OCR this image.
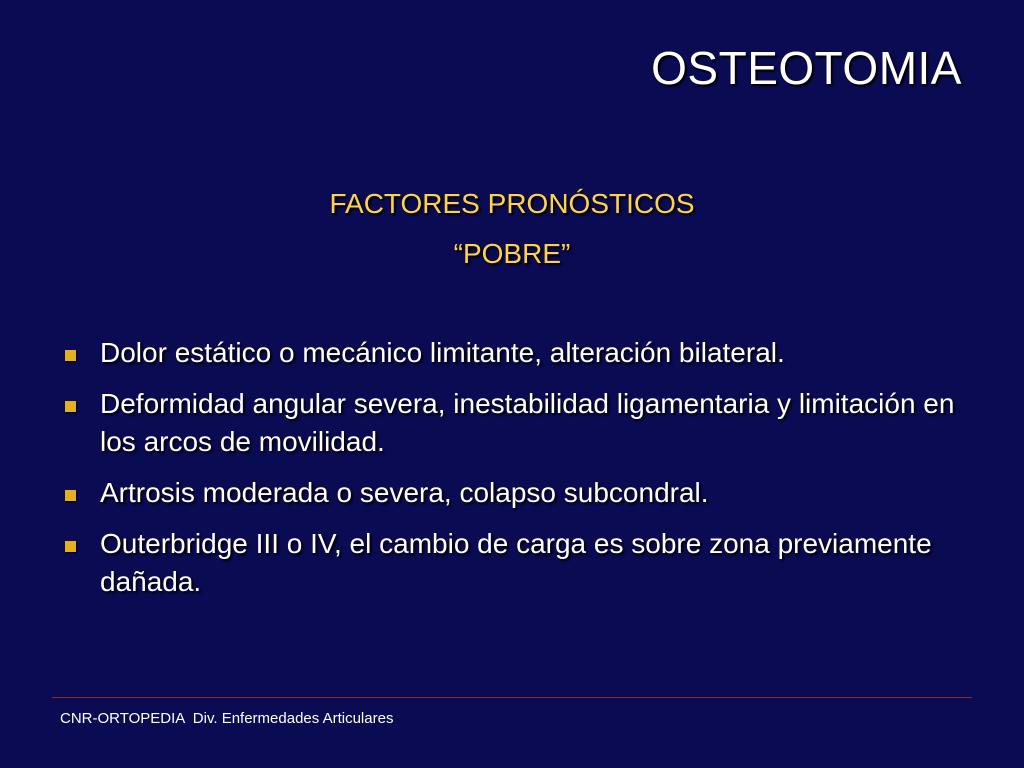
OSTEOTOMIA
FACTORES PRONÓSTICOS
“POBRE”
Dolor estático o mecánico limitante, alteración bilateral.
Deformidad angular severa, inestabilidad ligamentaria y limitación en los arcos de movilidad.
Artrosis moderada o severa, colapso subcondral.
Outerbridge III o IV, el cambio de carga es sobre zona previamente dañada.
CNR-ORTOPEDIA  Div. Enfermedades Articulares
